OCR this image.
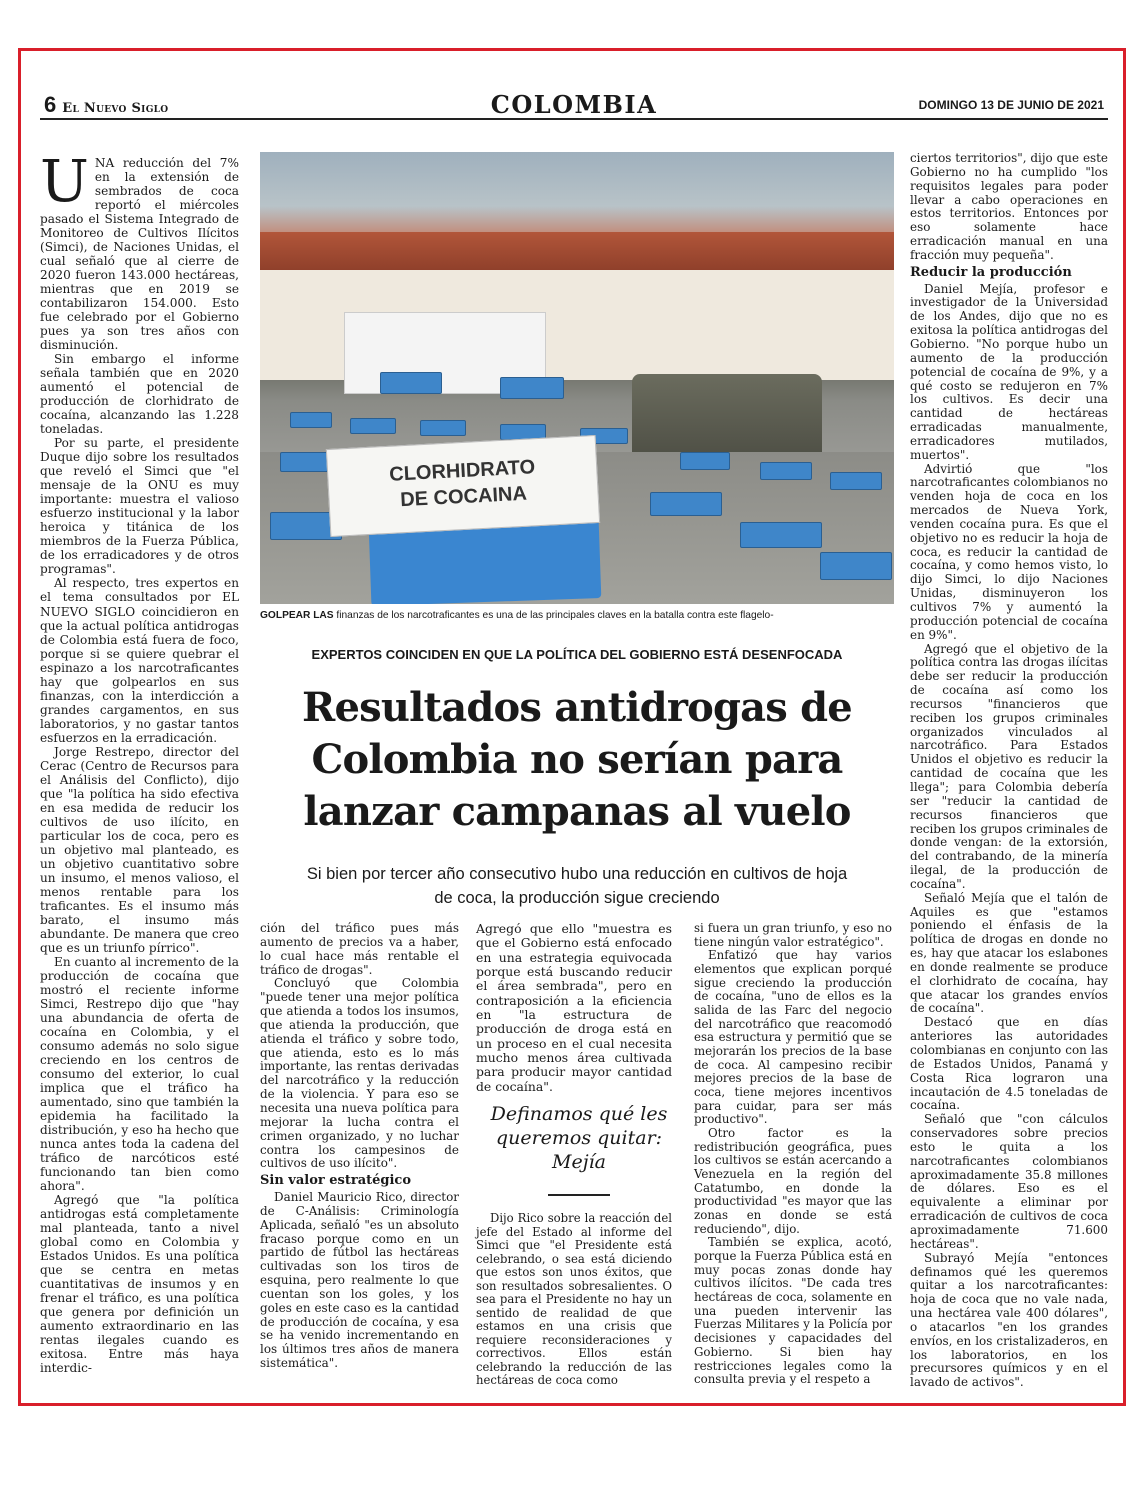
6 El Nuevo Siglo	COLOMBIA	DOMINGO 13 DE JUNIO DE 2021

UNA reducción del 7% en la extensión de sembrados de coca reportó el miércoles pasado el Sistema Integrado de Monitoreo de Cultivos Ilícitos (Simci), de Naciones Unidas, el cual señaló que al cierre de 2020 fueron 143.000 hectáreas, mientras que en 2019 se contabilizaron 154.000. Esto fue celebrado por el Gobierno pues ya son tres años con disminución.

Sin embargo el informe señala también que en 2020 aumentó el potencial de producción de clorhidrato de cocaína, alcanzando las 1.228 toneladas.

Por su parte, el presidente Duque dijo sobre los resultados que reveló el Simci que "el mensaje de la ONU es muy importante: muestra el valioso esfuerzo institucional y la labor heroica y titánica de los miembros de la Fuerza Pública, de los erradicadores y de otros programas".

Al respecto, tres expertos en el tema consultados por EL NUEVO SIGLO coincidieron en que la actual política antidrogas de Colombia está fuera de foco, porque si se quiere quebrar el espinazo a los narcotraficantes hay que golpearlos en sus finanzas, con la interdicción a grandes cargamentos, en sus laboratorios, y no gastar tantos esfuerzos en la erradicación.

Jorge Restrepo, director del Cerac (Centro de Recursos para el Análisis del Conflicto), dijo que "la política ha sido efectiva en esa medida de reducir los cultivos de uso ilícito, en particular los de coca, pero es un objetivo mal planteado, es un objetivo cuantitativo sobre un insumo, el menos valioso, el menos rentable para los traficantes. Es el insumo más barato, el insumo más abundante. De manera que creo que es un triunfo pírrico".

En cuanto al incremento de la producción de cocaína que mostró el reciente informe Simci, Restrepo dijo que "hay una abundancia de oferta de cocaína en Colombia, y el consumo además no solo sigue creciendo en los centros de consumo del exterior, lo cual implica que el tráfico ha aumentado, sino que también la epidemia ha facilitado la distribución, y eso ha hecho que nunca antes toda la cadena del tráfico de narcóticos esté funcionando tan bien como ahora".

Agregó que "la política antidrogas está completamente mal planteada, tanto a nivel global como en Colombia y Estados Unidos. Es una política que se centra en metas cuantitativas de insumos y en frenar el tráfico, es una política que genera por definición un aumento extraordinario en las rentas ilegales cuando es exitosa. Entre más haya interdic-

CLORHIDRATO
DE COCAINA
GOLPEAR LAS finanzas de los narcotraficantes es una de las principales claves en la batalla contra este flagelo-
EXPERTOS COINCIDEN EN QUE LA POLÍTICA DEL GOBIERNO ESTÁ DESENFOCADA
Resultados antidrogas de
Colombia no serían para
lanzar campanas al vuelo
Si bien por tercer año consecutivo hubo una reducción en cultivos de hoja
de coca, la producción sigue creciendo

ción del tráfico pues más aumento de precios va a haber, lo cual hace más rentable el tráfico de drogas".

Concluyó que Colombia "puede tener una mejor política que atienda a todos los insumos, que atienda la producción, que atienda el tráfico y sobre todo, que atienda, esto es lo más importante, las rentas derivadas del narcotráfico y la reducción de la violencia. Y para eso se necesita una nueva política para mejorar la lucha contra el crimen organizado, y no luchar contra los campesinos de cultivos de uso ilícito".

Sin valor estratégico

Daniel Mauricio Rico, director de C-Análisis: Criminología Aplicada, señaló "es un absoluto fracaso porque como en un partido de fútbol las hectáreas cultivadas son los tiros de esquina, pero realmente lo que cuentan son los goles, y los goles en este caso es la cantidad de producción de cocaína, y esa se ha venido incrementando en los últimos tres años de manera sistemática".

Agregó que ello "muestra es que el Gobierno está enfocado en una estrategia equivocada porque está buscando reducir el área sembrada", pero en contraposición a la eficiencia en "la estructura de producción de droga está en un proceso en el cual necesita mucho menos área cultivada para producir mayor cantidad de cocaína".

Definamos qué les queremos quitar: Mejía

Dijo Rico sobre la reacción del jefe del Estado al informe del Simci que "el Presidente está celebrando, o sea está diciendo que estos son unos éxitos, que son resultados sobresalientes. O sea para el Presidente no hay un sentido de realidad de que estamos en una crisis que requiere reconsideraciones y correctivos. Ellos están celebrando la reducción de las hectáreas de coca como

si fuera un gran triunfo, y eso no tiene ningún valor estratégico".

Enfatizó que hay varios elementos que explican porqué sigue creciendo la producción de cocaína, "uno de ellos es la salida de las Farc del negocio del narcotráfico que reacomodó esa estructura y permitió que se mejorarán los precios de la base de coca. Al campesino recibir mejores precios de la base de coca, tiene mejores incentivos para cuidar, para ser más productivo".

Otro factor es la redistribución geográfica, pues los cultivos se están acercando a Venezuela en la región del Catatumbo, en donde la productividad "es mayor que las zonas en donde se está reduciendo", dijo.

También se explica, acotó, porque la Fuerza Pública está en muy pocas zonas donde hay cultivos ilícitos. "De cada tres hectáreas de coca, solamente en una pueden intervenir las Fuerzas Militares y la Policía por decisiones y capacidades del Gobierno. Si bien hay restricciones legales como la consulta previa y el respeto a

ciertos territorios", dijo que este Gobierno no ha cumplido "los requisitos legales para poder llevar a cabo operaciones en estos territorios. Entonces por eso solamente hace erradicación manual en una fracción muy pequeña".

Reducir la producción

Daniel Mejía, profesor e investigador de la Universidad de los Andes, dijo que no es exitosa la política antidrogas del Gobierno. "No porque hubo un aumento de la producción potencial de cocaína de 9%, y a qué costo se redujeron en 7% los cultivos. Es decir una cantidad de hectáreas erradicadas manualmente, erradicadores mutilados, muertos".

Advirtió que "los narcotraficantes colombianos no venden hoja de coca en los mercados de Nueva York, venden cocaína pura. Es que el objetivo no es reducir la hoja de coca, es reducir la cantidad de cocaína, y como hemos visto, lo dijo Simci, lo dijo Naciones Unidas, disminuyeron los cultivos 7% y aumentó la producción potencial de cocaína en 9%".

Agregó que el objetivo de la política contra las drogas ilícitas debe ser reducir la producción de cocaína así como los recursos "financieros que reciben los grupos criminales organizados vinculados al narcotráfico. Para Estados Unidos el objetivo es reducir la cantidad de cocaína que les llega"; para Colombia debería ser "reducir la cantidad de recursos financieros que reciben los grupos criminales de donde vengan: de la extorsión, del contrabando, de la minería ilegal, de la producción de cocaína".

Señaló Mejía que el talón de Aquiles es que "estamos poniendo el énfasis de la política de drogas en donde no es, hay que atacar los eslabones en donde realmente se produce el clorhidrato de cocaína, hay que atacar los grandes envíos de cocaína".

Destacó que en días anteriores las autoridades colombianas en conjunto con las de Estados Unidos, Panamá y Costa Rica lograron una incautación de 4.5 toneladas de cocaína.

Señaló que "con cálculos conservadores sobre precios esto le quita a los narcotraficantes colombianos aproximadamente 35.8 millones de dólares. Eso es el equivalente a eliminar por erradicación de cultivos de coca aproximadamente 71.600 hectáreas".

Subrayó Mejía "entonces definamos qué les queremos quitar a los narcotraficantes: hoja de coca que no vale nada, una hectárea vale 400 dólares", o atacarlos "en los grandes envíos, en los cristalizaderos, en los laboratorios, en los precursores químicos y en el lavado de activos".
